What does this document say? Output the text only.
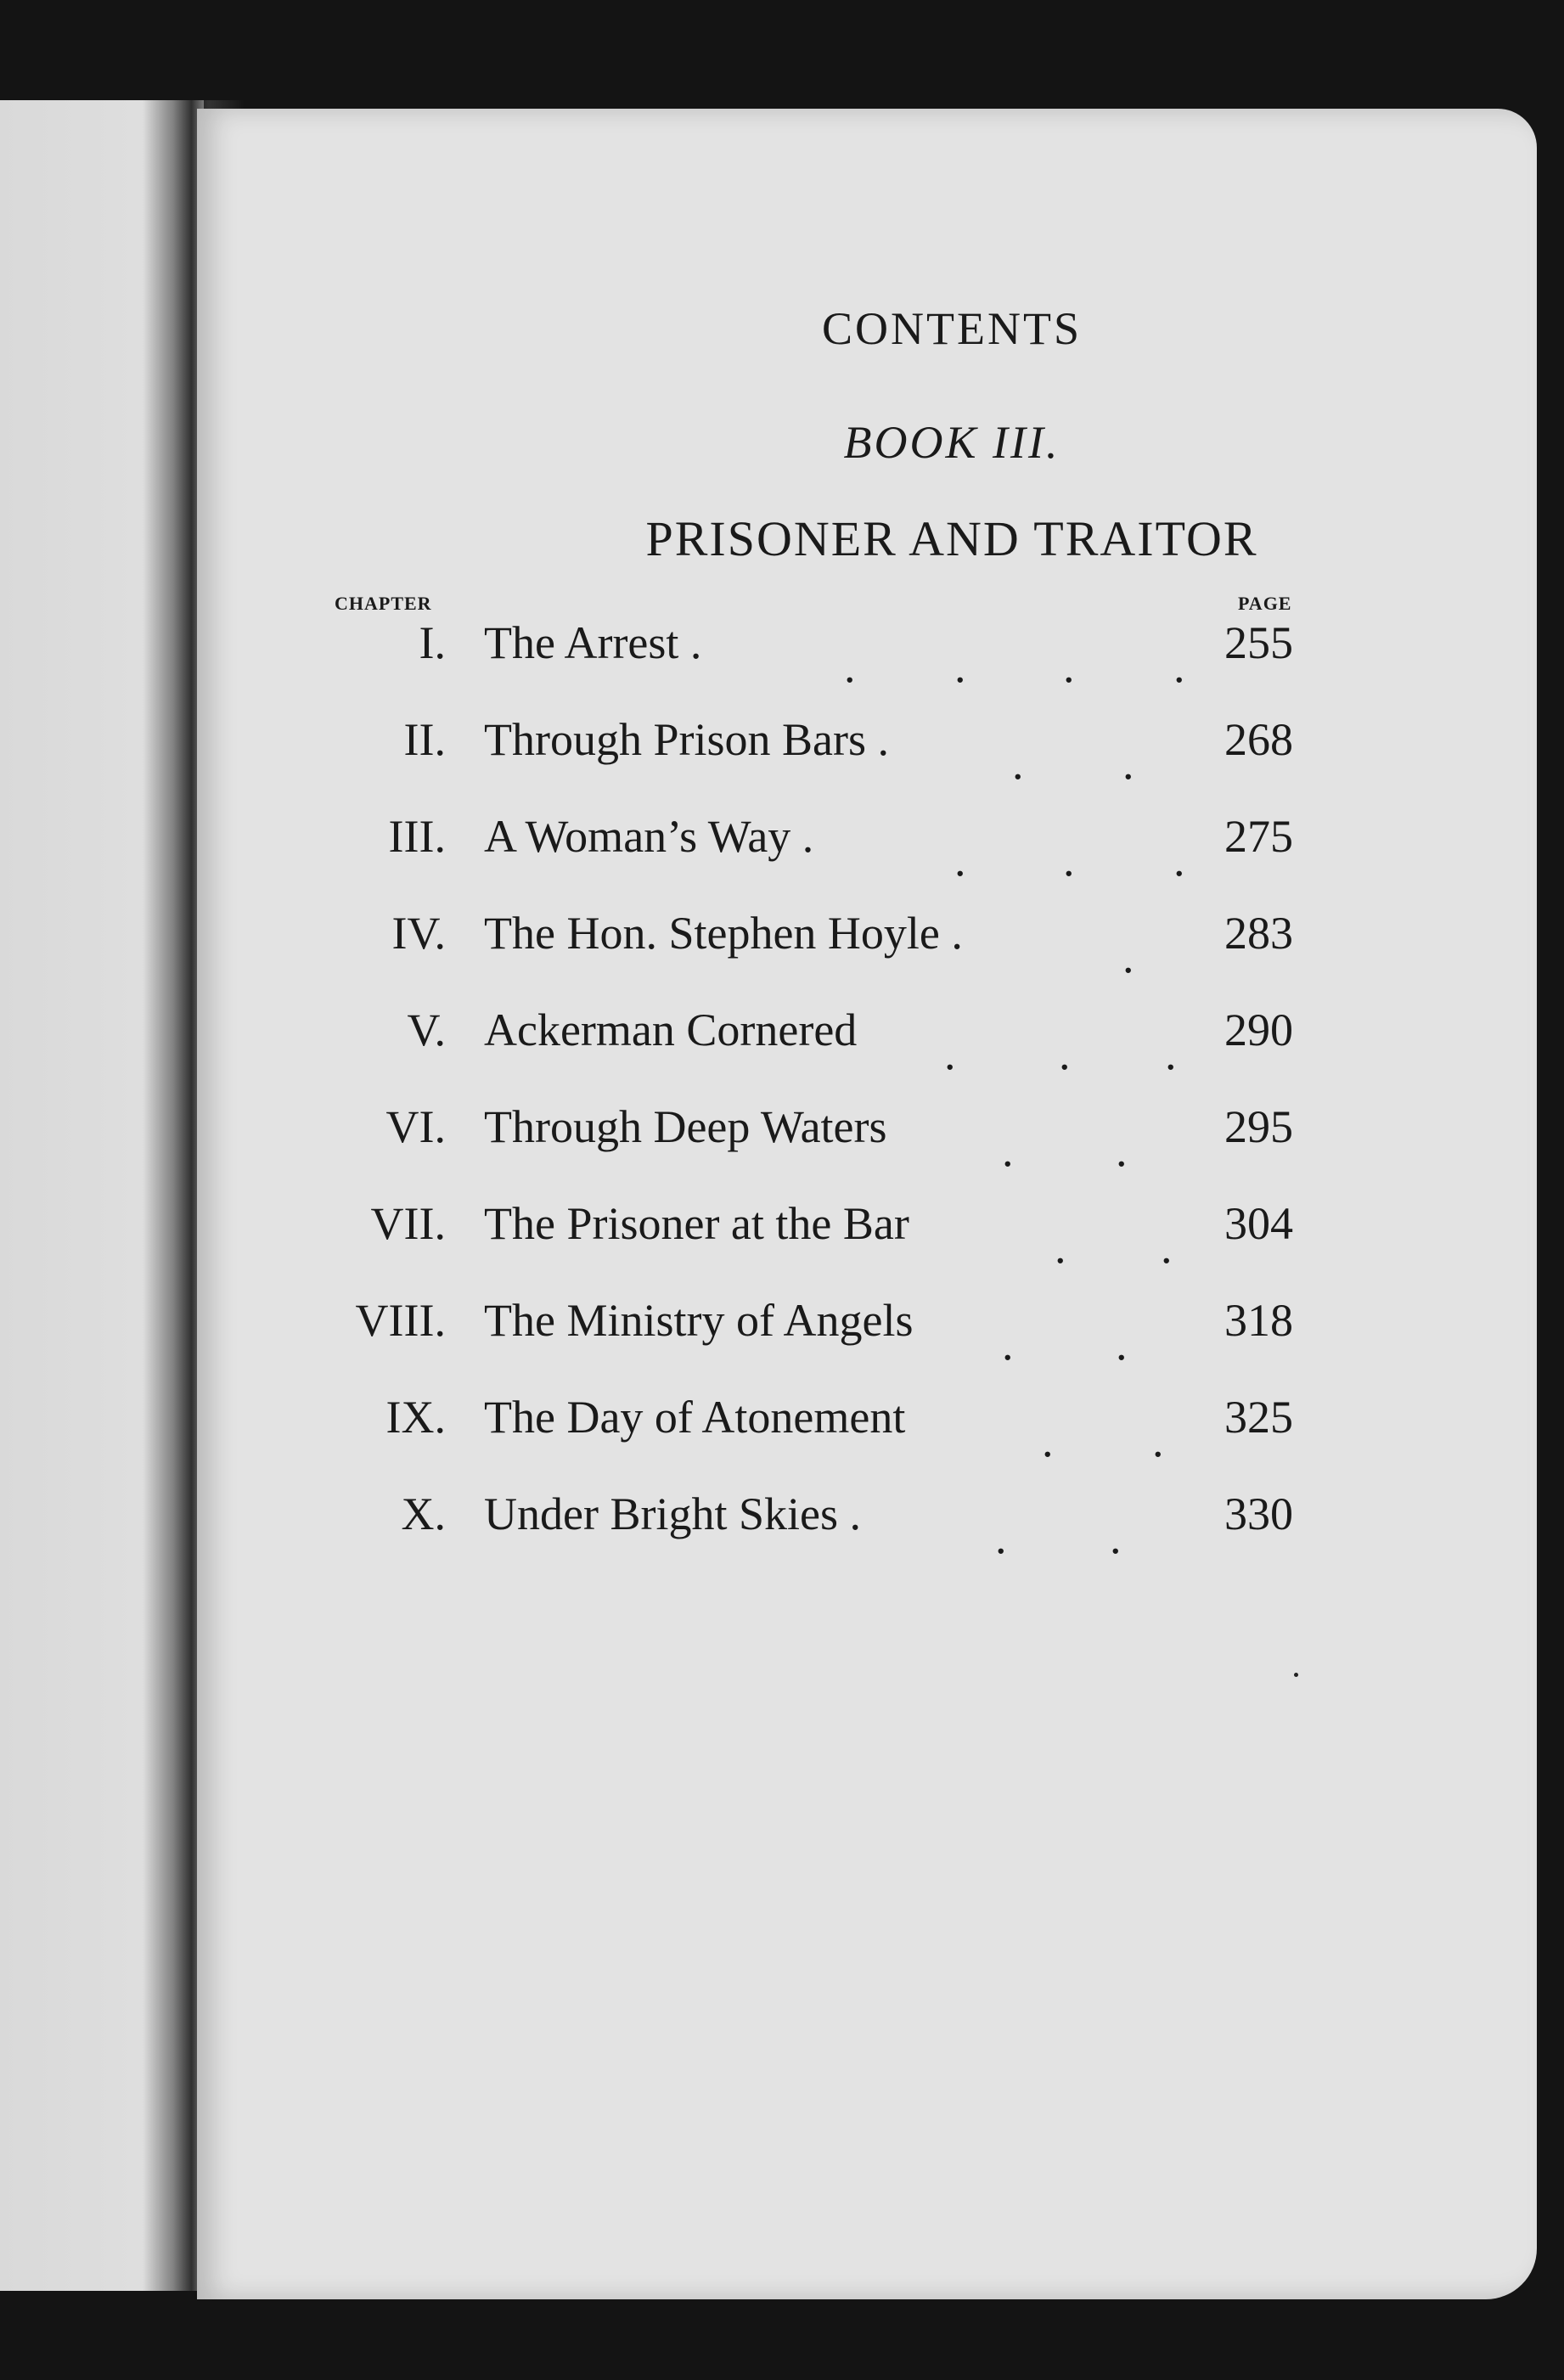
CONTENTS
BOOK III.
PRISONER AND TRAITOR
CHAPTER	PAGE
I. The Arrest .	. . . . 255
II. Through Prison Bars .	. . 268
III. A Woman’s Way .	. . . 275
IV. The Hon. Stephen Hoyle .	. 283
V. Ackerman Cornered . . . 290
VI. Through Deep Waters	. . 295
VII. The Prisoner at the Bar	. . 304
VIII. The Ministry of Angels . . 318
IX. The Day of Atonement	. . 325
X. Under Bright Skies .	. . 330
